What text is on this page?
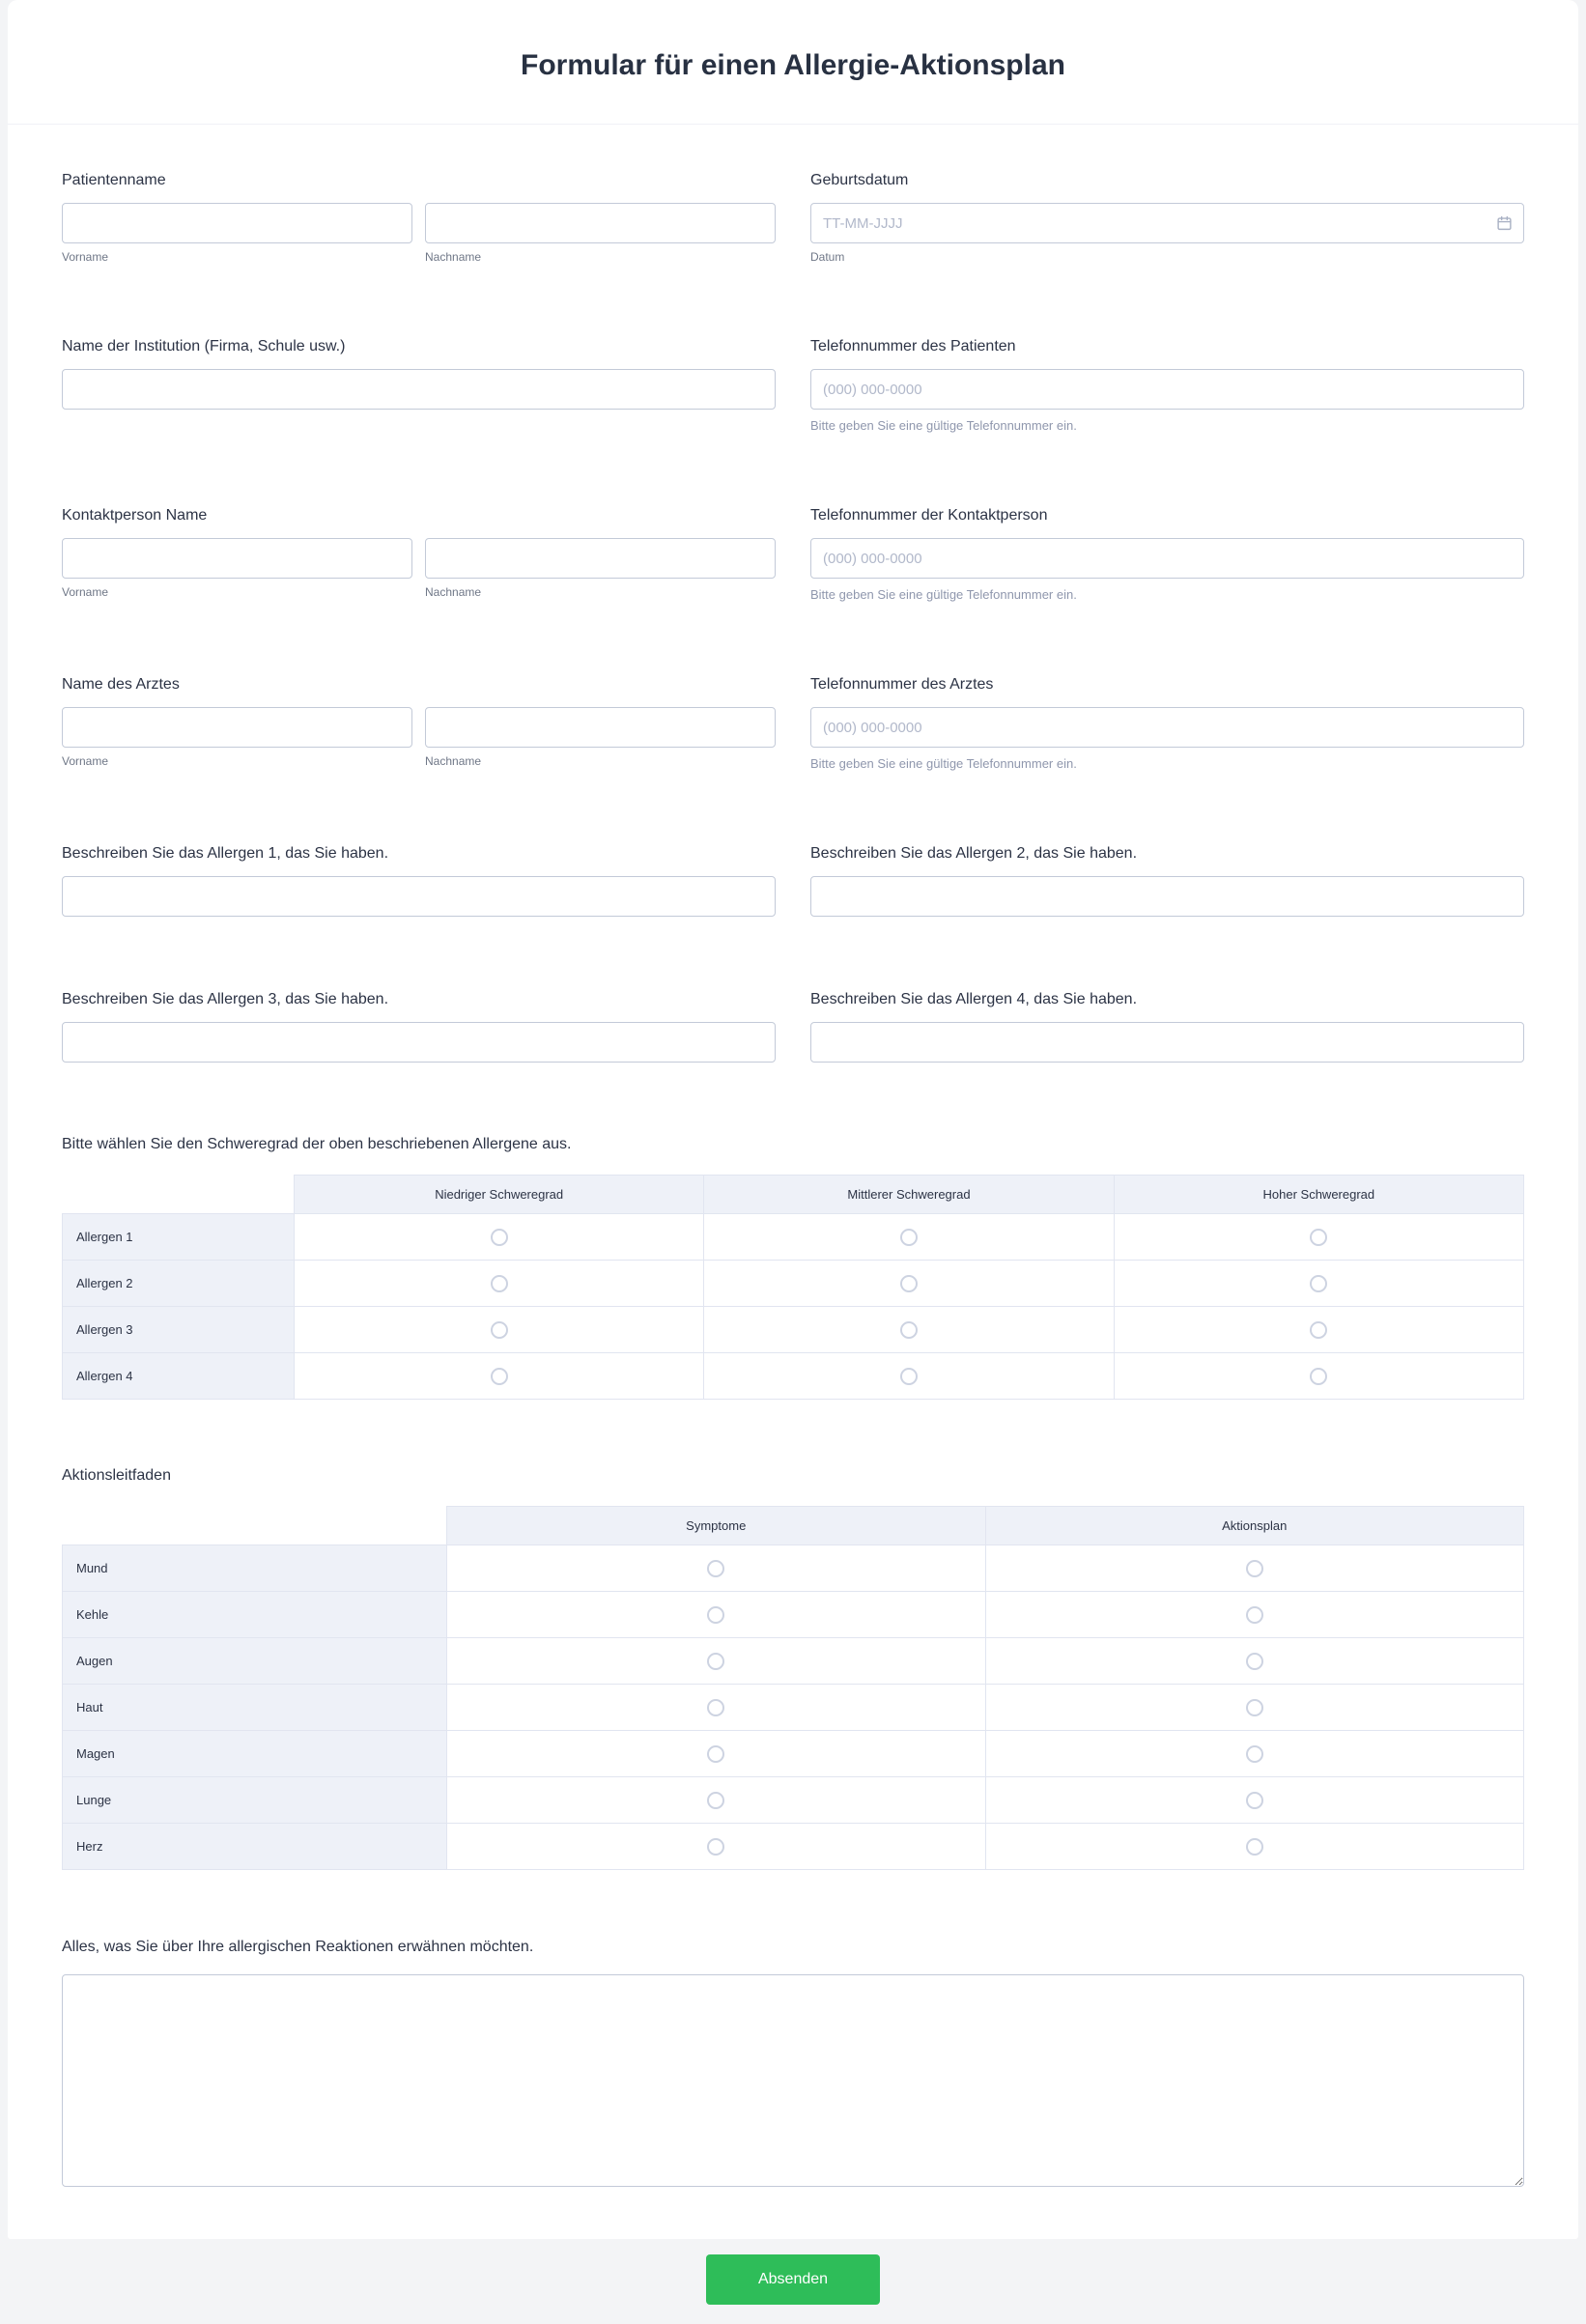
Formular für einen Allergie-Aktionsplan
Patientenname
Vorname	Nachname
Geburtsdatum
TT-MM-JJJJ
Datum
Name der Institution (Firma, Schule usw.)	Telefonnummer des Patienten
(000) 000-0000
Bitte geben Sie eine gültige Telefonnummer ein.
Kontaktperson Name
Vorname	Nachname
Telefonnummer der Kontaktperson
(000) 000-0000
Bitte geben Sie eine gültige Telefonnummer ein.
Name des Arztes
Vorname	Nachname
Telefonnummer des Arztes
(000) 000-0000
Bitte geben Sie eine gültige Telefonnummer ein.
Beschreiben Sie das Allergen 1, das Sie haben.	Beschreiben Sie das Allergen 2, das Sie haben.
Beschreiben Sie das Allergen 3, das Sie haben.	Beschreiben Sie das Allergen 4, das Sie haben.
Bitte wählen Sie den Schweregrad der oben beschriebenen Allergene aus.
	Niedriger Schweregrad	Mittlerer Schweregrad	Hoher Schweregrad
Allergen 1			
Allergen 2			
Allergen 3			
Allergen 4			
Aktionsleitfaden
	Symptome	Aktionsplan
Mund		
Kehle		
Augen		
Haut		
Magen		
Lunge		
Herz		
Alles, was Sie über Ihre allergischen Reaktionen erwähnen möchten.
Absenden
